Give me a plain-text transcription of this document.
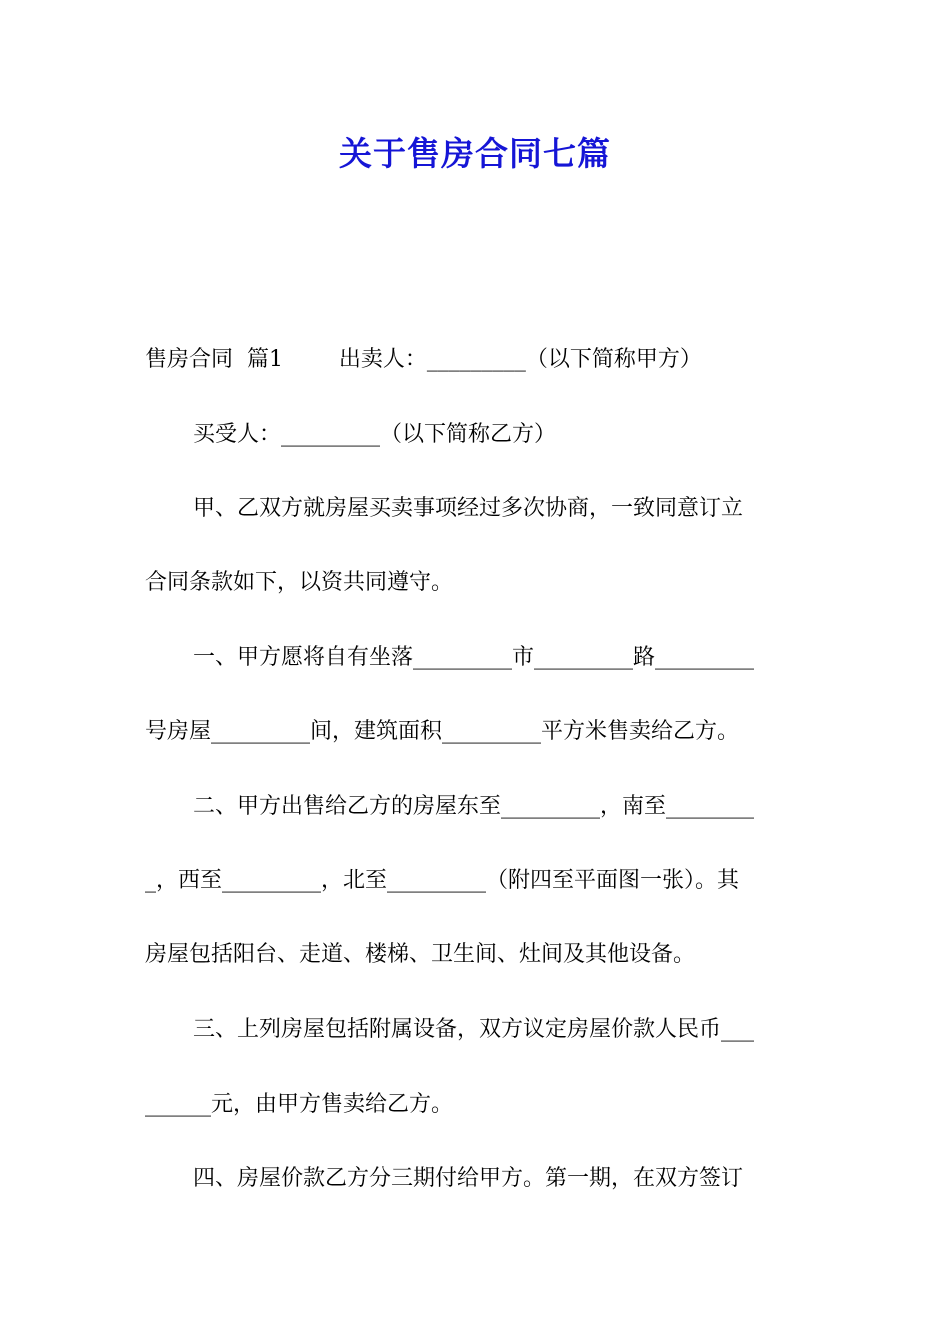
关于售房合同七篇
售房合同  篇1        出卖人：_________（以下简称甲方）
买受人：_________（以下简称乙方）
甲、乙双方就房屋买卖事项经过多次协商，一致同意订立
合同条款如下，以资共同遵守。
一、甲方愿将自有坐落_________市_________路_________
号房屋_________间，建筑面积_________平方米售卖给乙方。
二、甲方出售给乙方的房屋东至_________，南至________
_，西至_________，北至_________（附四至平面图一张）。其
房屋包括阳台、走道、楼梯、卫生间、灶间及其他设备。
三、上列房屋包括附属设备，双方议定房屋价款人民币___
______元，由甲方售卖给乙方。
四、房屋价款乙方分三期付给甲方。第一期，在双方签订
